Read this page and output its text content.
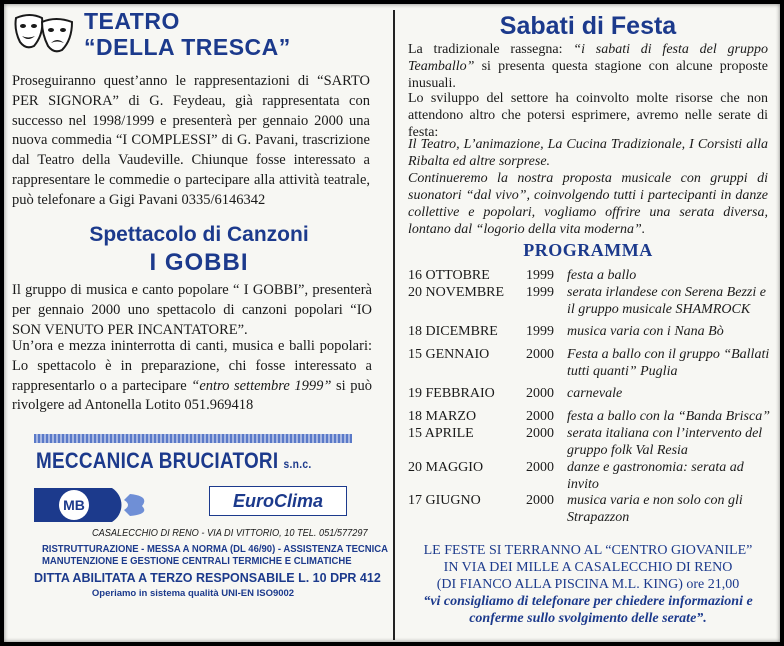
TEATRO
“DELLA TRESCA”
Proseguiranno quest’anno le rappresentazioni di “SARTO PER SIGNORA” di G. Feydeau, già rappresentata con successo nel 1998/1999 e presenterà per gennaio 2000 una nuova commedia “I COMPLESSI” di G. Pavani, trascrizione dal Teatro della Vaudeville. Chiunque fosse interessato a rappresentare le commedie o partecipare alla attività teatrale, può telefonare a Gigi Pavani 0335/6146342
Spettacolo di Canzoni
I GOBBI
Il gruppo di musica e canto popolare “ I GOBBI”, presenterà per gennaio 2000 uno spettacolo di canzoni popolari “IO SON VENUTO PER INCANTATORE”.
Un’ora e mezza ininterrotta di canti, musica e balli popolari: Lo spettacolo è in preparazione, chi fosse interessato a rappresentarlo o a partecipare “entro settembre 1999” si può rivolgere ad Antonella Lotito 051.969418
MECCANICA BRUCIATORI s.n.c.
MB	EuroClima
CASALECCHIO DI RENO - VIA DI VITTORIO, 10 TEL. 051/577297
RISTRUTTURAZIONE - MESSA A NORMA (DL 46/90) - ASSISTENZA TECNICA
MANUTENZIONE E GESTIONE CENTRALI TERMICHE E CLIMATICHE
DITTA ABILITATA A TERZO RESPONSABILE L. 10 DPR 412
Operiamo in sistema qualità UNI-EN ISO9002
Sabati di Festa
La tradizionale rassegna: “i sabati di festa del gruppo Teamballo” si presenta questa stagione con alcune proposte inusuali.
Lo sviluppo del settore ha coinvolto molte risorse che non attendono altro che potersi esprimere, avremo nelle serate di festa:
Il Teatro, L’animazione, La Cucina Tradizionale, I Corsisti alla Ribalta ed altre sorprese.
Continueremo la nostra proposta musicale con gruppi di suonatori “dal vivo”, coinvolgendo tutti i partecipanti in danze collettive e popolari, vogliamo offrire una serata diversa, lontano dal “logorio della vita moderna”.
PROGRAMMA
16 OTTOBRE	1999 festa a ballo
20 NOVEMBRE 1999 serata irlandese con Serena Bezzi e il gruppo musicale SHAMROCK
18 DICEMBRE 1999 musica varia con i Nana Bò
15 GENNAIO	2000 Festa a ballo con il gruppo “Ballati tutti quanti” Puglia
19 FEBBRAIO 2000 carnevale
18 MARZO	2000 festa a ballo con la “Banda Brisca”
15 APRILE	2000 serata italiana con l’intervento del gruppo folk Val Resia
20 MAGGIO	2000 danze e gastronomia: serata ad invito
17 GIUGNO	2000 musica varia e non solo con gli Strapazzon
LE FESTE SI TERRANNO AL “CENTRO GIOVANILE”
IN VIA DEI MILLE A CASALECCHIO DI RENO
(DI FIANCO ALLA PISCINA M.L. KING) ore 21,00
“vi consigliamo di telefonare per chiedere informazioni e conferme sullo svolgimento delle serate”.
